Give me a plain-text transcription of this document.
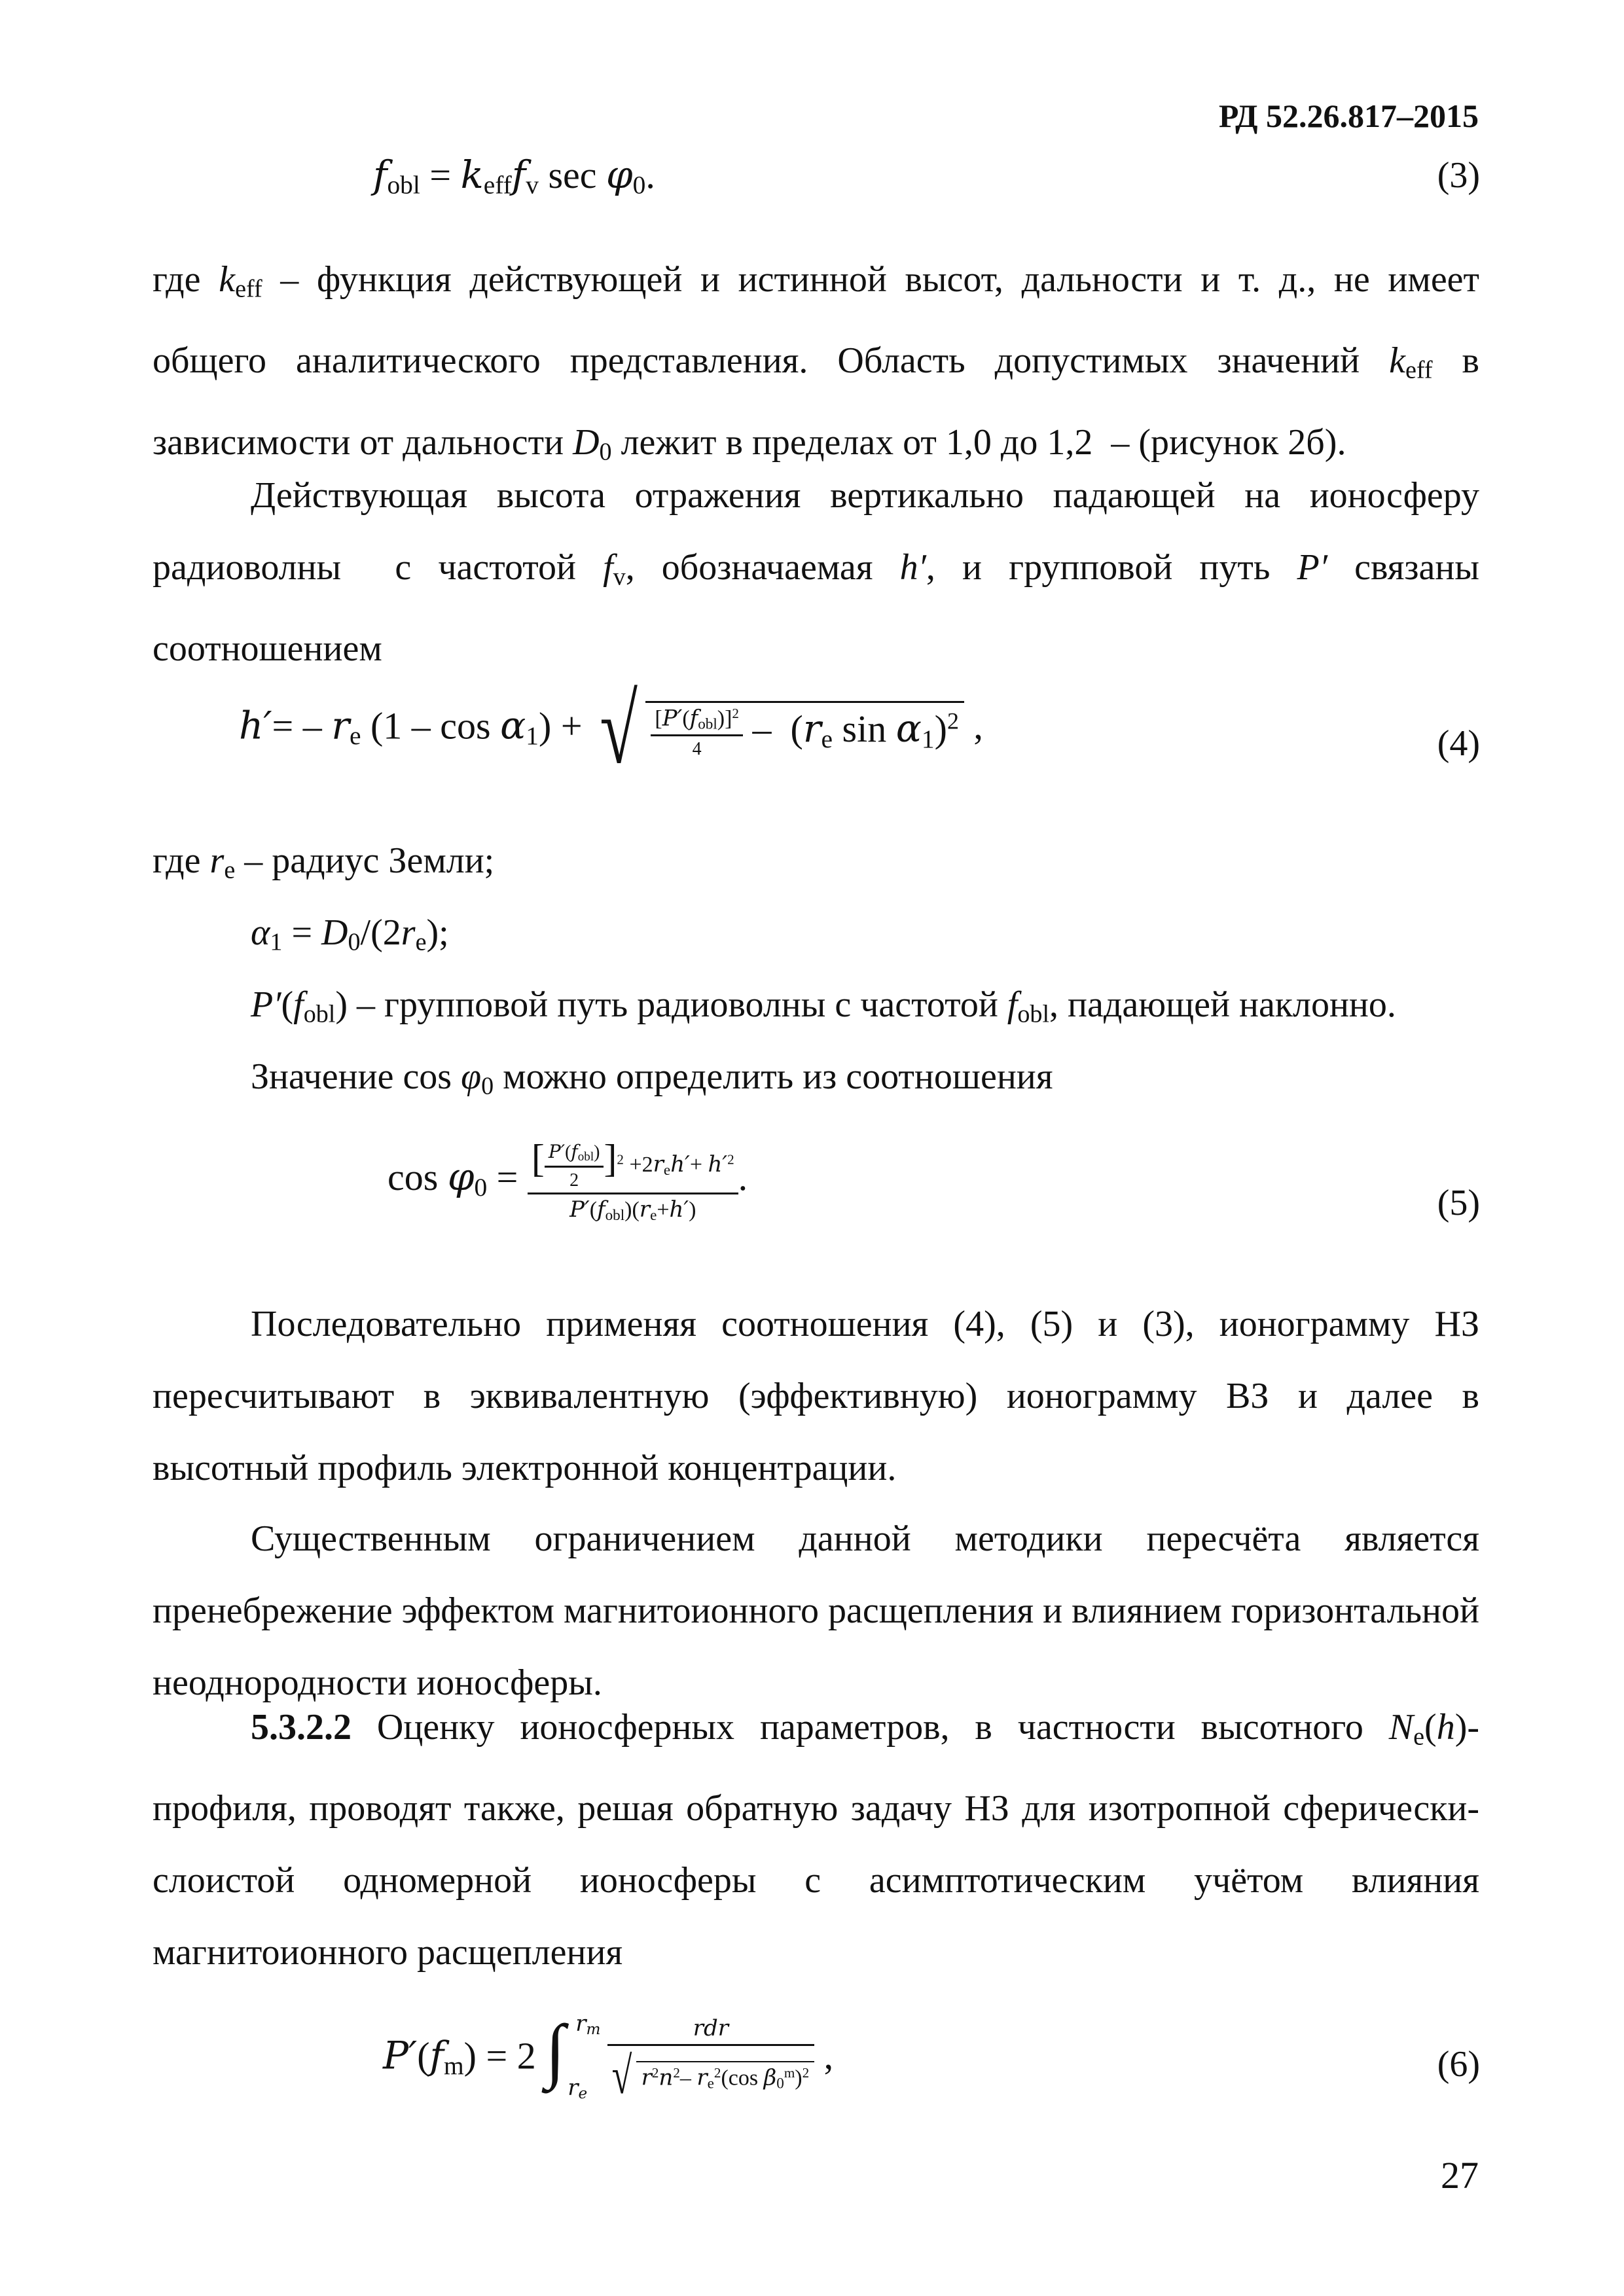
РД 52.26.817–2015
$f_{obl} = k_{eff}f_v$ $\sec \varphi_0$.	(3)

где $k_{eff}$ – функция действующей и истинной высот, дальности и т. д., не имеет общего аналитического представления. Область допустимых значений $k_{eff}$ в зависимости от дальности $D_0$ лежит в пределах от 1,0 до 1,2  – (рисунок 2б).

Действующая высота отражения вертикально падающей на ионосферу радиоволны  с частотой $f_v$, обозначаемая h′, и групповой путь P′ связаны соотношением

$h'= - r_e$ $(1 - \cos \alpha_1)$ + √ $\frac{[P'(f_{obl})]^2}{4} - (r_e$ $\sin \alpha_1)^2$ ,	(4)

где $r_e$ – радиус Земли;

$\alpha_1 = D_0/(2r_e)$;

$P'(f_{obl})$ – групповой путь радиоволны с частотой $f_{obl}$, падающей наклонно.

Значение $\cos \varphi_0$ можно определить из соотношения

$\cos \varphi_0 = \frac{[ \frac{P'(f_{obl})}{2} ]^2 +2r_eh'+ h'^2}{P'(f_{obl})(r_e+h')}$ .
(5)

Последовательно применяя соотношения (4), (5) и (3), ионограмму НЗ пересчитывают в эквивалентную (эффективную) ионограмму ВЗ и далее в высотный профиль электронной концентрации.

Существенным ограничением данной методики пересчёта является пренебрежение эффектом магнитоионного расщепления и влиянием горизонтальной неоднородности ионосферы.

5.3.2.2 Оценку ионосферных параметров, в частности высотного $N_e(h)$-профиля, проводят также, решая обратную задачу НЗ для изотропной сферически-слоистой одномерной ионосферы с асимптотическим учётом влияния магнитоионного расщепления

$P'(f_m) = 2$ ∫ $r_m$
$r_e$
$\frac{\text{rdr}}{√ r^2n^2- r_e^2(\cos \beta_0^m)^2}$ ,	(6)
27
